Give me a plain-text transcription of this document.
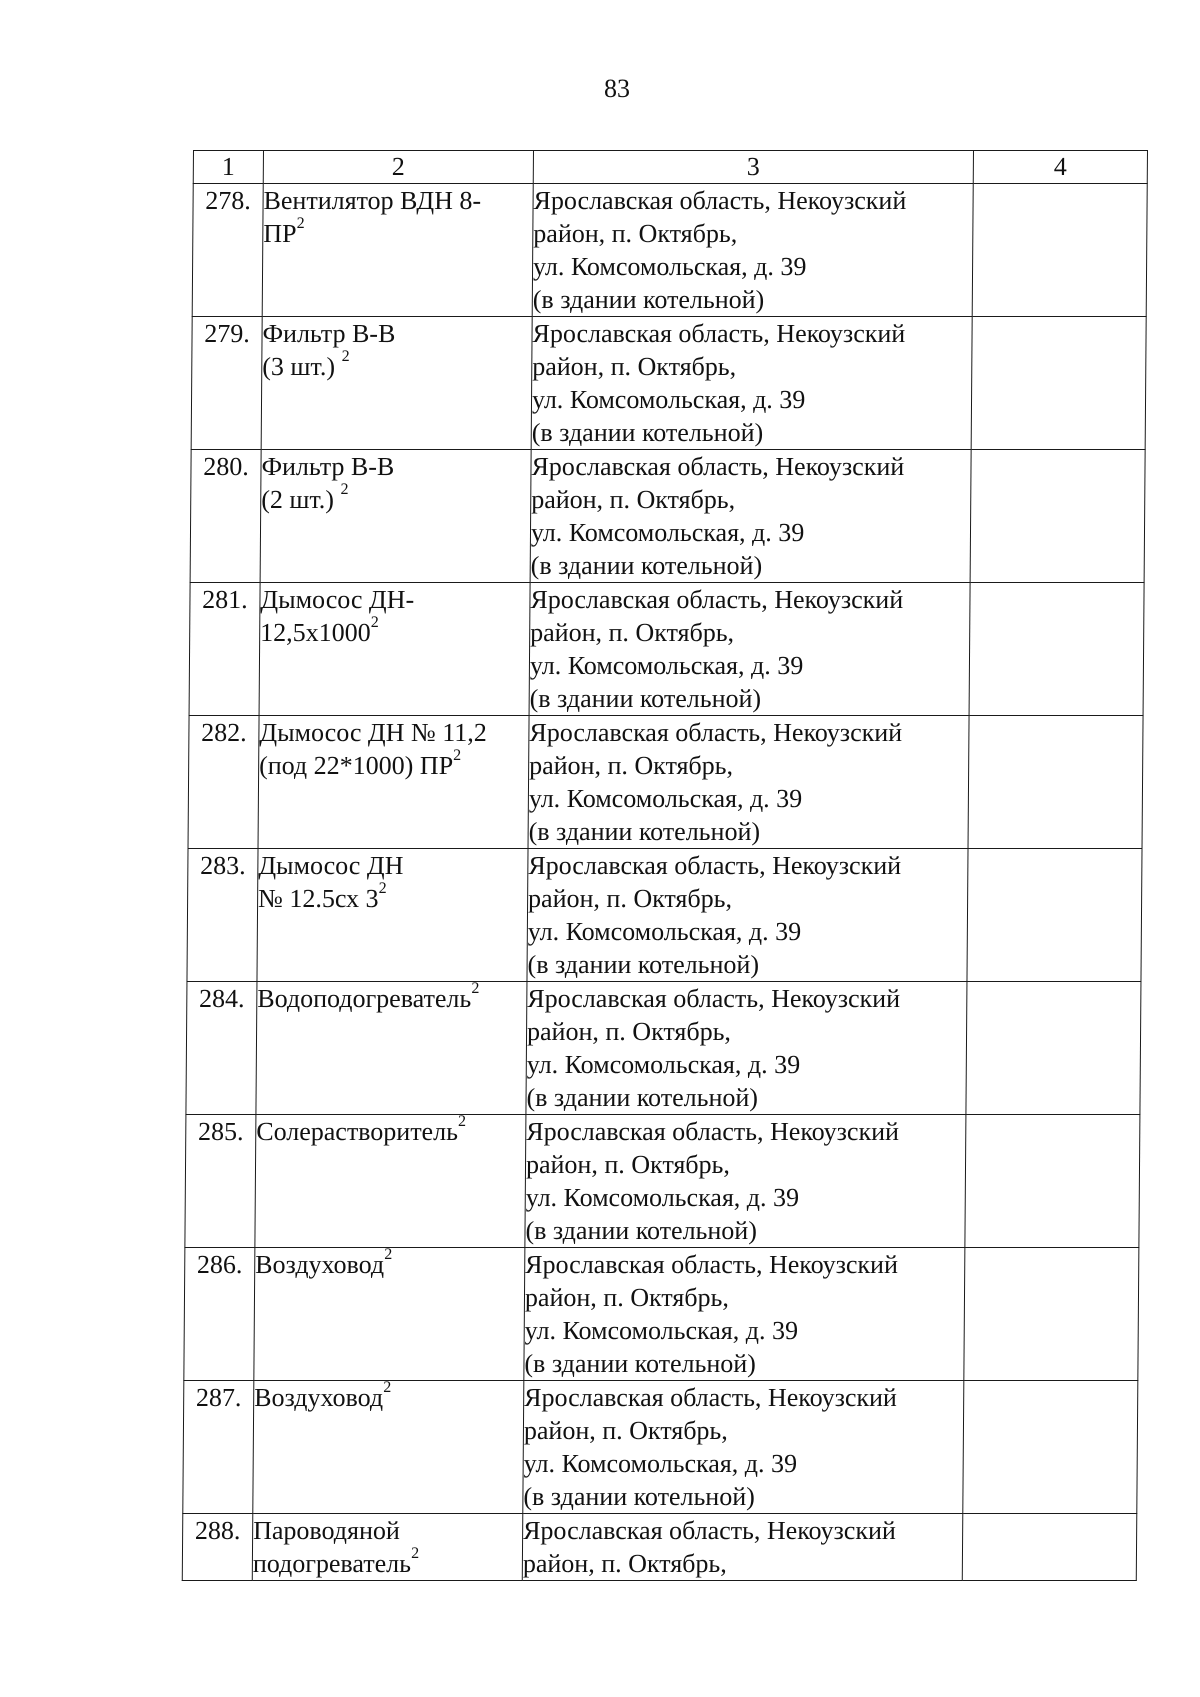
83
1	2	3	4
278.	Вентилятор ВДН 8-
$ПР^2$	Ярославская область, Некоузский
район, п. Октябрь,
ул. Комсомольская, д. 39
(в здании котельной)	

279.	Фильтр В-В
(3 шт.) $^2$	Ярославская область, Некоузский
район, п. Октябрь,
ул. Комсомольская, д. 39
(в здании котельной)	

280.	Фильтр В-В
(2 шт.) $^2$	Ярославская область, Некоузский
район, п. Октябрь,
ул. Комсомольская, д. 39
(в здании котельной)	

281.	Дымосос ДН-
12,5х1000$^2$	Ярославская область, Некоузский
район, п. Октябрь,
ул. Комсомольская, д. 39
(в здании котельной)	

282.	Дымосос ДН № 11,2
(под 22*1000) $ПР^2$	Ярославская область, Некоузский
район, п. Октябрь,
ул. Комсомольская, д. 39
(в здании котельной)	

283.	Дымосос ДН
№ 12.5сх $3^2$	Ярославская область, Некоузский
район, п. Октябрь,
ул. Комсомольская, д. 39
(в здании котельной)	

284.	Водоподогреватель$^2$	Ярославская область, Некоузский
район, п. Октябрь,
ул. Комсомольская, д. 39
(в здании котельной)	

285.	Солерастворитель$^2$	Ярославская область, Некоузский
район, п. Октябрь,
ул. Комсомольская, д. 39
(в здании котельной)	

286.	Воздуховод$^2$	Ярославская область, Некоузский
район, п. Октябрь,
ул. Комсомольская, д. 39
(в здании котельной)	

287.	Воздуховод$^2$	Ярославская область, Некоузский
район, п. Октябрь,
ул. Комсомольская, д. 39
(в здании котельной)	

288.	Пароводяной
подогреватель$^2$	Ярославская область, Некоузский
район, п. Октябрь,	
